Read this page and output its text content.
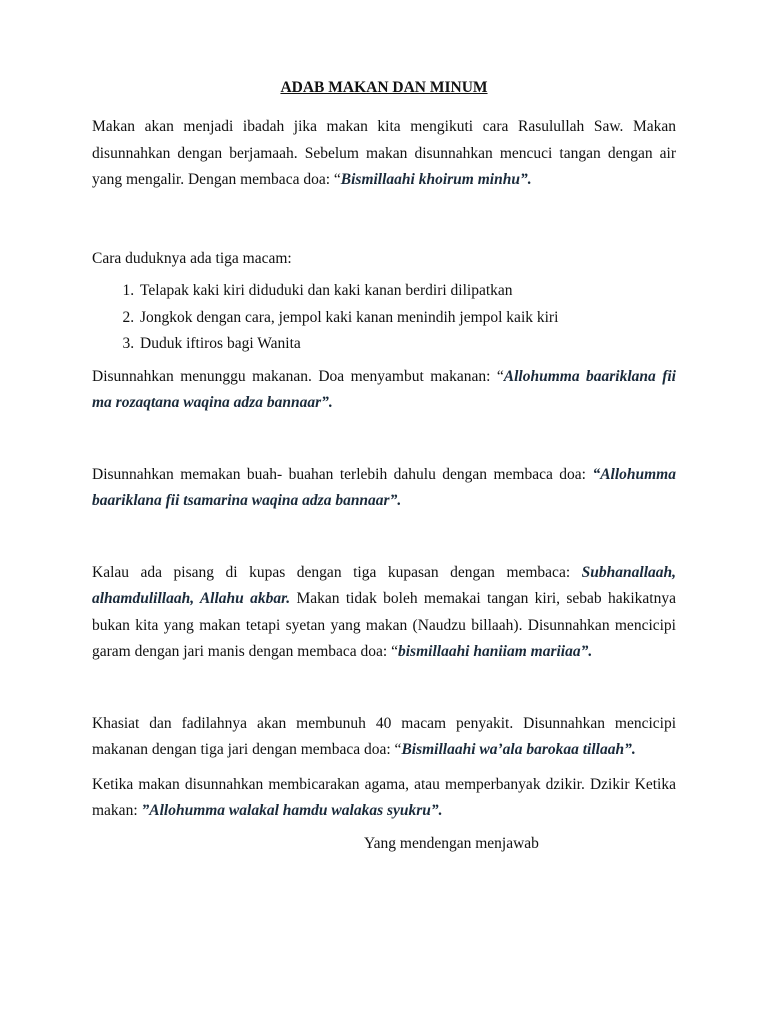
ADAB MAKAN DAN MINUM

Makan akan menjadi ibadah jika makan kita mengikuti cara Rasulullah Saw. Makan disunnahkan dengan berjamaah. Sebelum makan disunnahkan mencuci tangan dengan air yang mengalir. Dengan membaca doa: “Bismillaahi khoirum minhu”.

Cara duduknya ada tiga macam:

1. Telapak kaki kiri diduduki dan kaki kanan berdiri dilipatkan
2. Jongkok dengan cara, jempol kaki kanan menindih jempol kaik kiri
3. Duduk iftiros bagi Wanita

Disunnahkan menunggu makanan. Doa menyambut makanan: “Allohumma baariklana fii ma rozaqtana waqina adza bannaar”.

Disunnahkan memakan buah- buahan terlebih dahulu dengan membaca doa: “Allohumma baariklana fii tsamarina waqina adza bannaar”.

Kalau ada pisang di kupas dengan tiga kupasan dengan membaca: Subhanallaah, alhamdulillaah, Allahu akbar. Makan tidak boleh memakai tangan kiri, sebab hakikatnya bukan kita yang makan tetapi syetan yang makan (Naudzu billaah). Disunnahkan mencicipi garam dengan jari manis dengan membaca doa: “bismillaahi haniiam mariiaa”.

Khasiat dan fadilahnya akan membunuh 40 macam penyakit. Disunnahkan mencicipi makanan dengan tiga jari dengan membaca doa: “Bismillaahi wa’ala barokaa tillaah”.

Ketika makan disunnahkan membicarakan agama, atau memperbanyak dzikir. Dzikir Ketika makan: ”Allohumma walakal hamdu walakas syukru”.

Yang mendengan menjawab
